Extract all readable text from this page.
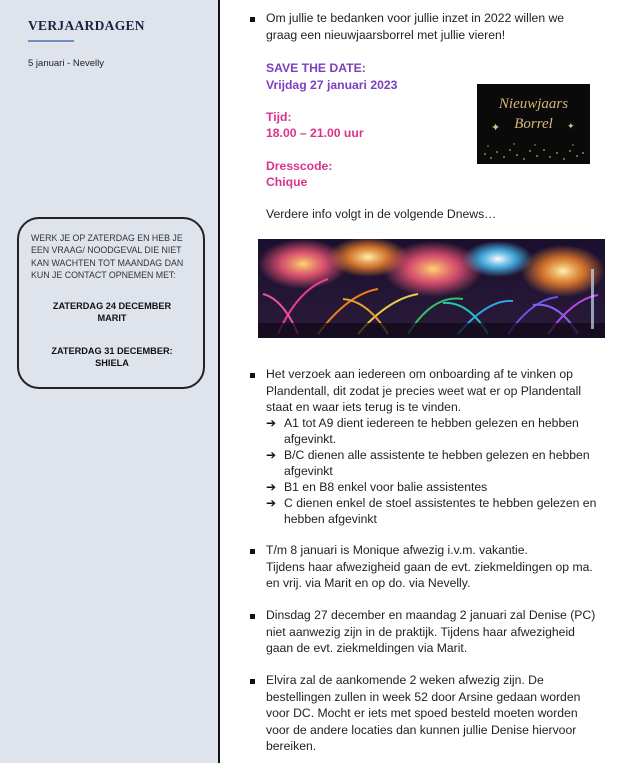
VERJAARDAGEN
5 januari - Nevelly

WERK JE OP ZATERDAG EN HEB JE

EEN VRAAG/ NOODGEVAL DIE NIET

KAN WACHTEN TOT MAANDAG DAN

KUN JE CONTACT OPNEMEN MET:

ZATERDAG 24 DECEMBER

MARIT

ZATERDAG 31 DECEMBER:

SHIELA

Om jullie te bedanken voor jullie inzet in 2022 willen we

graag een nieuwjaarsborrel met jullie vieren!

SAVE THE DATE:

Vrijdag 27 januari 2023

Tijd:

18.00 – 21.00 uur

Dresscode:

Chique

Verdere info volgt in de volgende Dnews…

Het verzoek aan iedereen om onboarding af te vinken op

Plandentall, dit zodat je precies weet wat er op Plandentall

staat en waar iets terug is te vinden.

➔ A1 tot A9 dient iedereen te hebben gelezen en hebben

afgevinkt.

➔ B/C dienen alle assistente te hebben gelezen en hebben

afgevinkt

➔ B1 en B8 enkel voor balie assistentes

➔ C dienen enkel de stoel assistentes te hebben gelezen en

hebben afgevinkt

T/m 8 januari is Monique afwezig i.v.m. vakantie.

Tijdens haar afwezigheid gaan de evt. ziekmeldingen op ma.

en vrij. via Marit en op do. via Nevelly.

Dinsdag 27 december en maandag 2 januari zal Denise (PC)

niet aanwezig zijn in de praktijk. Tijdens haar afwezigheid

gaan de evt. ziekmeldingen via Marit.

Elvira zal de aankomende 2 weken afwezig zijn. De

bestellingen zullen in week 52 door Arsine gedaan worden

voor DC. Mocht er iets met spoed besteld moeten worden

voor de andere locaties dan kunnen jullie Denise hiervoor

bereiken.

✦	✦
Nieuwjaars
Borrel
